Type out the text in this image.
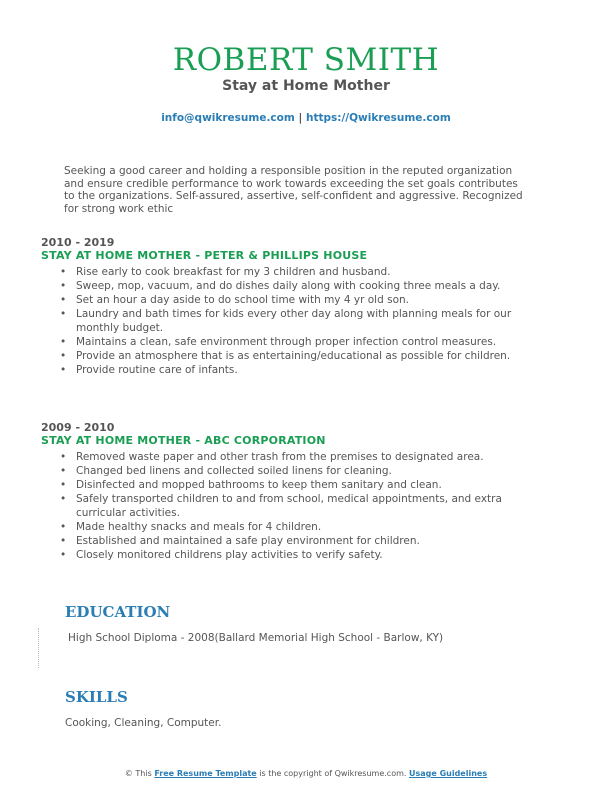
ROBERT SMITH
Stay at Home Mother
info@qwikresume.com | https://Qwikresume.com
Seeking a good career and holding a responsible position in the reputed organization and ensure credible performance to work towards exceeding the set goals contributes to the organizations. Self-assured, assertive, self-confident and aggressive. Recognized for strong work ethic
2010 - 2019
STAY AT HOME MOTHER - PETER & PHILLIPS HOUSE
• Rise early to cook breakfast for my 3 children and husband.
• Sweep, mop, vacuum, and do dishes daily along with cooking three meals a day.
• Set an hour a day aside to do school time with my 4 yr old son.
• Laundry and bath times for kids every other day along with planning meals for our monthly budget.
• Maintains a clean, safe environment through proper infection control measures.
• Provide an atmosphere that is as entertaining/educational as possible for children.
• Provide routine care of infants.
2009 - 2010
STAY AT HOME MOTHER - ABC CORPORATION
• Removed waste paper and other trash from the premises to designated area.
• Changed bed linens and collected soiled linens for cleaning.
• Disinfected and mopped bathrooms to keep them sanitary and clean.
• Safely transported children to and from school, medical appointments, and extra curricular activities.
• Made healthy snacks and meals for 4 children.
• Established and maintained a safe play environment for children.
• Closely monitored childrens play activities to verify safety.
EDUCATION
High School Diploma - 2008(Ballard Memorial High School - Barlow, KY)
SKILLS
Cooking, Cleaning, Computer.
© This Free Resume Template is the copyright of Qwikresume.com. Usage Guidelines
